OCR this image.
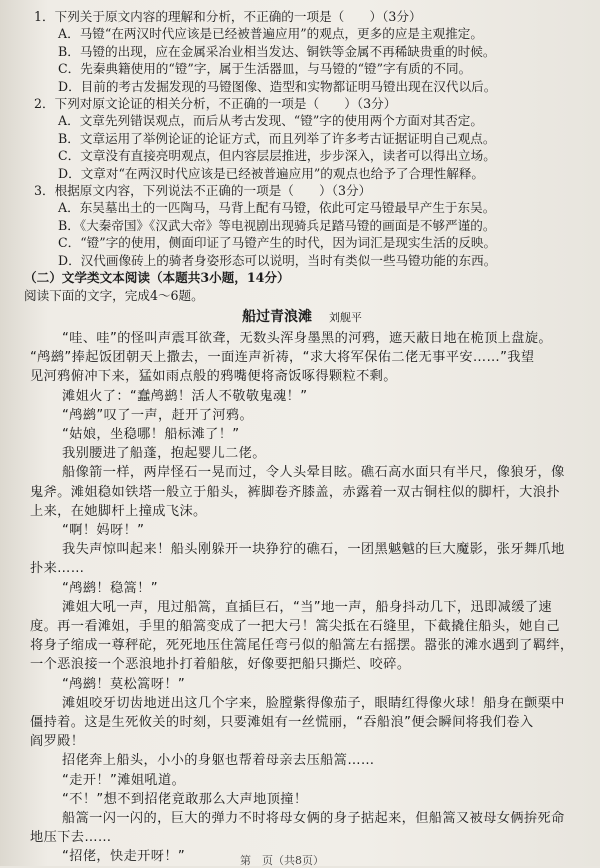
1．下列关于原文内容的理解和分析，不正确的一项是（　　）（3分）
A．马镫“在两汉时代应该是已经被普遍应用”的观点，更多的应是主观推定。
B．马镫的出现，应在金属采冶业相当发达、铜铁等金属不再稀缺贵重的时候。
C．先秦典籍使用的“镫”字，属于生活器皿，与马镫的“镫”字有质的不同。
D．目前的考古发掘发现的马镫图像、造型和实物都证明马镫出现在汉代以后。
2．下列对原文论证的相关分析，不正确的一项是（　　）（3分）
A．文章先列错误观点，而后从考古发现、“镫”字的使用两个方面对其否定。
B．文章运用了举例论证的论证方式，而且列举了许多考古证据证明自己观点。
C．文章没有直接亮明观点，但内容层层推进，步步深入，读者可以得出立场。
D．文章对“在两汉时代应该是已经被普遍应用”的观点也给予了合理性解释。
3．根据原文内容，下列说法不正确的一项是（　　）（3分）
A．东吴墓出土的一匹陶马，马背上配有马镫，依此可定马镫最早产生于东吴。
B．《大秦帝国》《汉武大帝》等电视剧出现骑兵足踏马镫的画面是不够严谨的。
C．“镫”字的使用，侧面印证了马镫产生的时代，因为词汇是现实生活的反映。
D．汉代画像砖上的骑者身姿形态可以说明，当时有类似一些马镫功能的东西。
（二）文学类文本阅读（本题共3小题，14分）
阅读下面的文字，完成4～6题。
船过青浪滩 刘舰平
“哇、哇”的怪叫声震耳欲聋，无数头浑身墨黑的河鸦，遮天蔽日地在桅顶上盘旋。
“鸬鹚”捧起饭团朝天上撒去，一面连声祈祷，“求大将军保佑二佬无事平安……”我望
见河鸦俯冲下来，猛如雨点般的鸦嘴便将斋饭啄得颗粒不剩。
滩姐火了：“蠢鸬鹚！活人不敬敬鬼魂！”
“鸬鹚”叹了一声，赶开了河鸦。
“姑娘，坐稳哪！船标滩了！”
我别腰进了船蓬，抱起婴儿二佬。
船像箭一样，两岸怪石一晃而过，令人头晕目眩。礁石高水面只有半尺，像狼牙，像
鬼斧。滩姐稳如铁塔一般立于船头，裤脚卷齐膝盖，赤露着一双古铜柱似的脚杆，大浪扑
上来，在她脚杆上撞成飞沫。
“啊！妈呀！”
我失声惊叫起来！船头刚躲开一块狰狞的礁石，一团黑魆魆的巨大魔影，张牙舞爪地
扑来……
“鸬鹚！稳篙！”
滩姐大吼一声，甩过船篙，直插巨石，“当”地一声，船身抖动几下，迅即减缓了速
度。再一看滩姐，手里的船篙变成了一把大弓！篙尖抵在石缝里，下截撬住船头，她自己
将身子缩成一尊秤砣，死死地压住篙尾任弯弓似的船篙左右摇摆。嚣张的滩水遇到了羁绊，
一个恶浪接一个恶浪地扑打着船舷，好像要把船只撕烂、咬碎。
“鸬鹚！莫松篙呀！”
滩姐咬牙切齿地迸出这几个字来，脸膛紫得像茄子，眼睛红得像火球！船身在颤栗中
僵持着。这是生死攸关的时刻，只要滩姐有一丝慌丽，“吞船浪”便会瞬间将我们卷入
阎罗殿！
招佬奔上船头，小小的身躯也帮着母亲去压船篙……
“走开！”滩姐吼道。
“不！”想不到招佬竟敢那么大声地顶撞！
船篙一闪一闪的，巨大的弹力不时将母女俩的身子掂起来，但船篙又被母女俩拚死命
地压下去……
“招佬，快走开呀！”	第　页（共8页）
